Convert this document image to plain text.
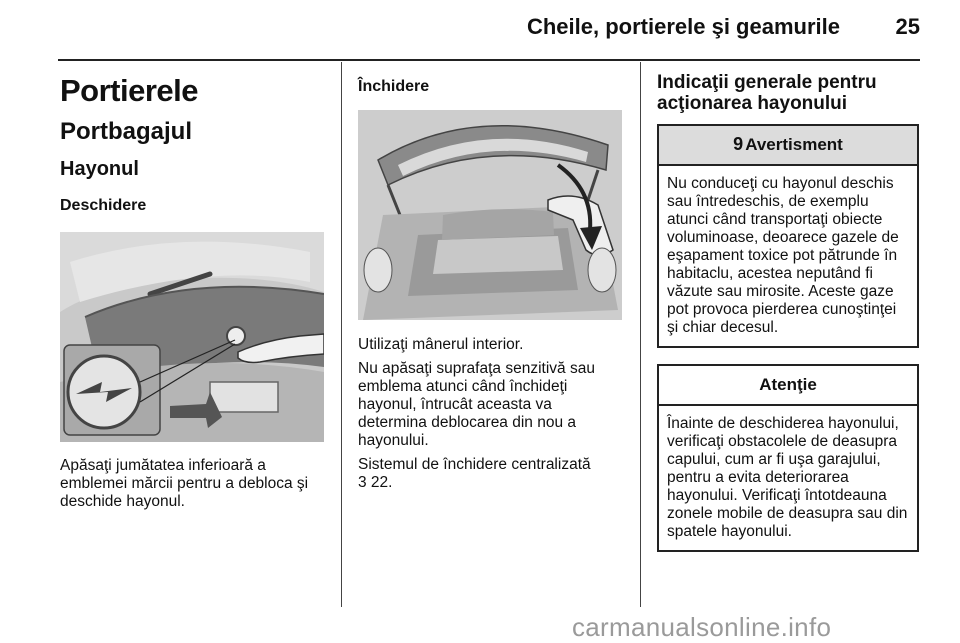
Cheile, portierele şi geamurile	25
Portierele
Portbagajul
Hayonul
Deschidere

Apăsaţi jumătatea inferioară a emblemei mărcii pentru a debloca şi deschide hayonul.

Închidere

Utilizaţi mânerul interior.

Nu apăsaţi suprafaţa senzitivă sau emblema atunci când închideţi hayonul, întrucât aceasta va determina deblocarea din nou a hayonului.

Sistemul de închidere centralizată
3 22.

Indicaţii generale pentru acţionarea hayonului
9 Avertisment
Nu conduceţi cu hayonul deschis sau întredeschis, de exemplu atunci când transportaţi obiecte voluminoase, deoarece gazele de eşapament toxice pot pătrunde în habitaclu, acestea neputând fi văzute sau mirosite. Aceste gaze pot provoca pierderea cunoştinţei şi chiar decesul.
Atenţie
Înainte de deschiderea hayonului, verificaţi obstacolele de deasupra capului, cum ar fi uşa garajului, pentru a evita deteriorarea hayonului. Verificaţi întotdeauna zonele mobile de deasupra sau din spatele hayonului.
carmanualsonline.info
